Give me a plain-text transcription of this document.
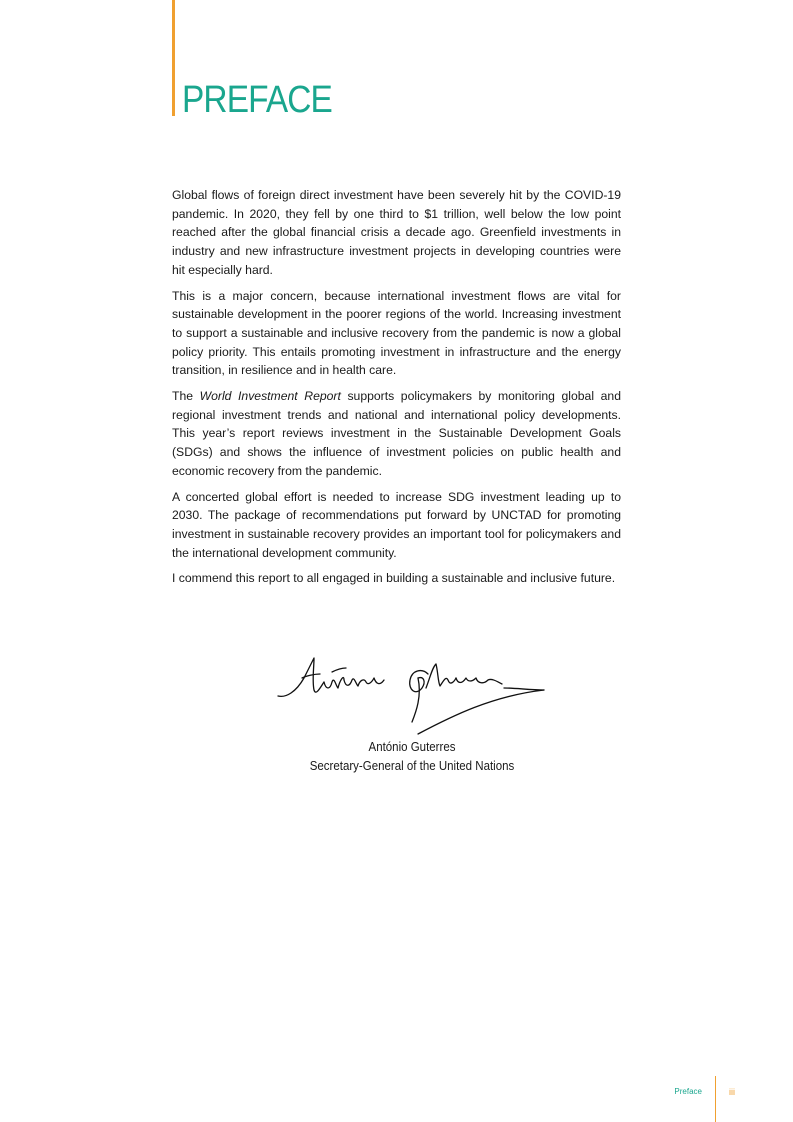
PREFACE

Global flows of foreign direct investment have been severely hit by the COVID-19 pandemic. In 2020, they fell by one third to $1 trillion, well below the low point reached after the global financial crisis a decade ago. Greenfield investments in industry and new infrastructure investment projects in developing countries were hit especially hard.

This is a major concern, because international investment flows are vital for sustainable development in the poorer regions of the world. Increasing investment to support a sustainable and inclusive recovery from the pandemic is now a global policy priority. This entails promoting investment in infrastructure and the energy transition, in resilience and in health care.

The World Investment Report supports policymakers by monitoring global and regional investment trends and national and international policy developments. This year’s report reviews investment in the Sustainable Development Goals (SDGs) and shows the influence of investment policies on public health and economic recovery from the pandemic.

A concerted global effort is needed to increase SDG investment leading up to 2030. The package of recommendations put forward by UNCTAD for promoting investment in sustainable recovery provides an important tool for policymakers and the international development community.

I commend this report to all engaged in building a sustainable and inclusive future.

António Guterres
Secretary-General of the United Nations
Preface	iii
